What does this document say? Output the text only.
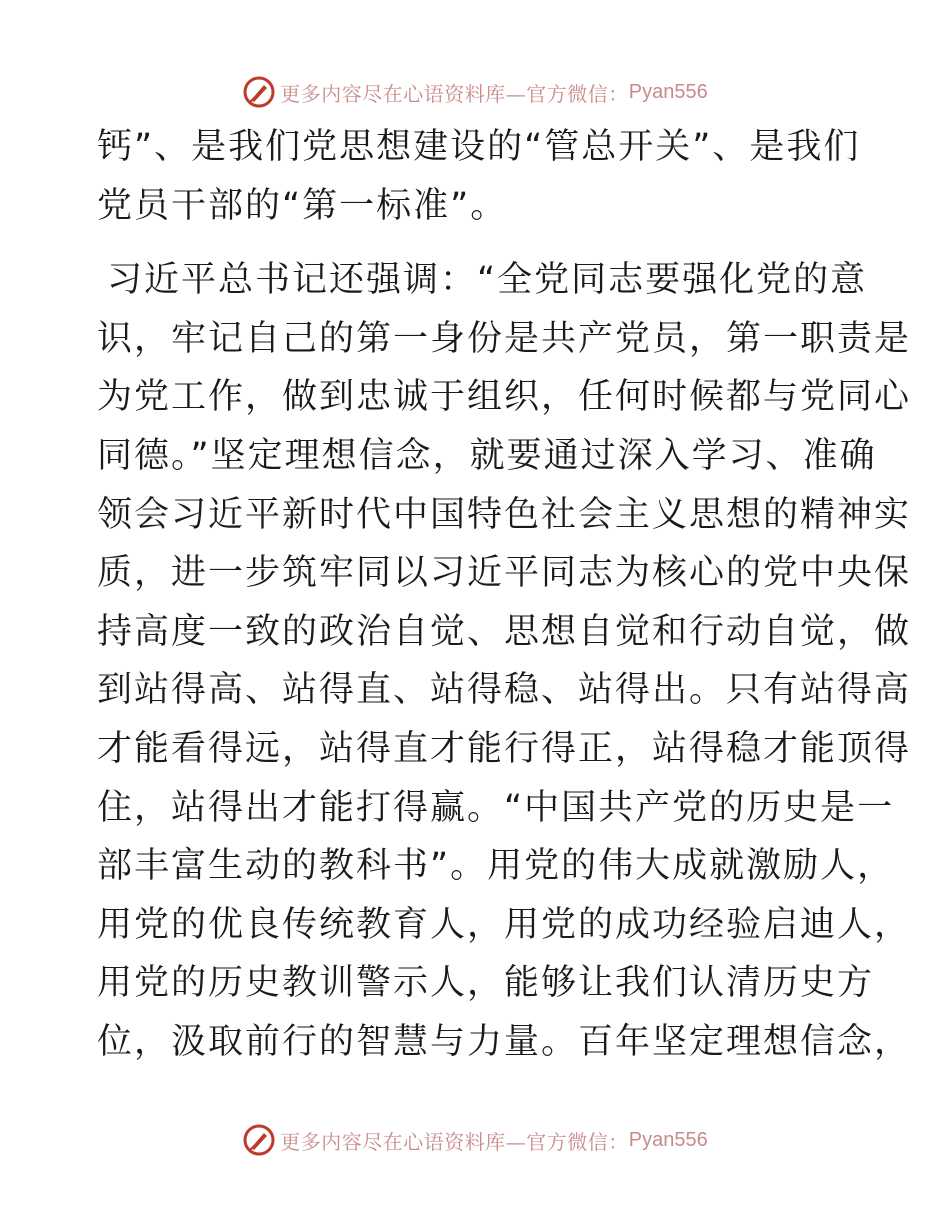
更多内容尽在心语资料库—官方微信： Pyan556
钙”、是我们党思想建设的“管总开关”、是我们
党员干部的“第一标准”。
习近平总书记还强调：“全党同志要强化党的意
识，牢记自己的第一身份是共产党员，第一职责是
为党工作，做到忠诚于组织，任何时候都与党同心
同德。”坚定理想信念，就要通过深入学习、准确
领会习近平新时代中国特色社会主义思想的精神实
质，进一步筑牢同以习近平同志为核心的党中央保
持高度一致的政治自觉、思想自觉和行动自觉，做
到站得高、站得直、站得稳、站得出。只有站得高
才能看得远，站得直才能行得正，站得稳才能顶得
住，站得出才能打得赢。“中国共产党的历史是一
部丰富生动的教科书”。用党的伟大成就激励人，
用党的优良传统教育人，用党的成功经验启迪人，
用党的历史教训警示人，能够让我们认清历史方
位，汲取前行的智慧与力量。百年坚定理想信念，
更多内容尽在心语资料库—官方微信： Pyan556
